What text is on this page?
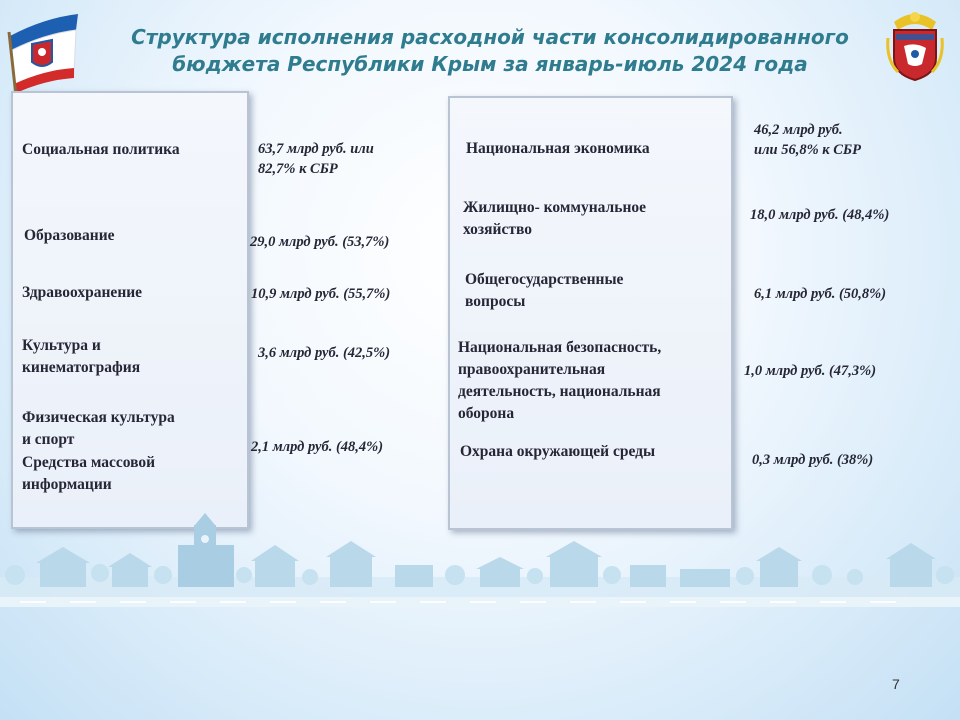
Структура исполнения расходной части консолидированного
бюджета Республики Крым за январь-июль 2024 года
Социальная политика
Образование
Здравоохранение
Культура и
кинематография
Физическая культура
и спорт
Средства массовой
информации
63,7 млрд руб. или
82,7% к СБР
29,0 млрд руб. (53,7%)
10,9 млрд руб. (55,7%)
3,6 млрд руб. (42,5%)
2,1 млрд руб. (48,4%)
Национальная экономика
Жилищно- коммунальное
хозяйство
Общегосударственные
вопросы
Национальная безопасность,
правоохранительная
деятельность, национальная
оборона
Охрана окружающей среды
46,2 млрд руб.
или 56,8% к СБР
18,0 млрд руб. (48,4%)
6,1 млрд руб. (50,8%)
1,0 млрд руб. (47,3%)
0,3 млрд руб. (38%)
7
